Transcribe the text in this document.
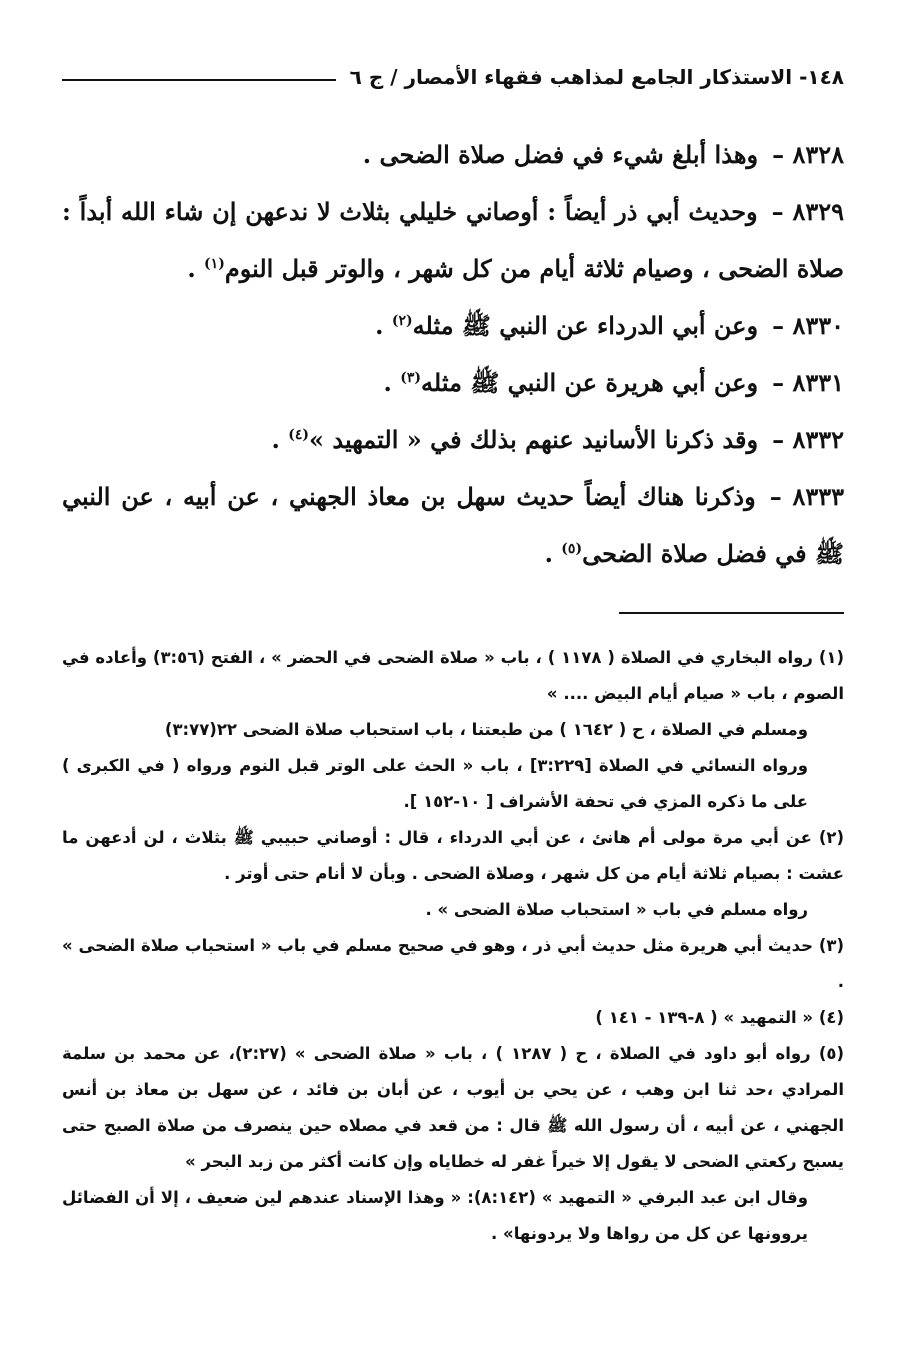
١٤٨- الاستذكار الجامع لمذاهب فقهاء الأمصار / ج ٦
٨٣٢٨ –وهذا أبلغ شيء في فضل صلاة الضحى .
٨٣٢٩ –وحديث أبي ذر أيضاً : أوصاني خليلي بثلاث لا ندعهن إن شاء الله أبداً : صلاة الضحى ، وصيام ثلاثة أيام من كل شهر ، والوتر قبل النوم$^{(١)}$ .
٨٣٣٠ –وعن أبي الدرداء عن النبي ﷺ مثله$^{(٢)}$ .
٨٣٣١ –وعن أبي هريرة عن النبي ﷺ مثله$^{(٣)}$ .
٨٣٣٢ –وقد ذكرنا الأسانيد عنهم بذلك في « التمهيد »$^{(٤)}$ .
٨٣٣٣ –وذكرنا هناك أيضاً حديث سهل بن معاذ الجهني ، عن أبيه ، عن النبي ﷺ في فضل صلاة الضحى$^{(٥)}$ .
(١) رواه البخاري في الصلاة ( ١١٧٨ ) ، باب « صلاة الضحى في الحضر » ، الفتح (٣:٥٦) وأعاده في الصوم ، باب « صيام أيام البيض .... »
ومسلم في الصلاة ، ح ( ١٦٤٢ ) من طبعتنا ، باب استحباب صلاة الضحى ٢٢(٣:٧٧)
ورواه النسائي في الصلاة [٣:٢٢٩] ، باب « الحث على الوتر قبل النوم ورواه ( في الكبرى ) على ما ذكره المزي في تحفة الأشراف [ ١٠-١٥٢ ].
(٢) عن أبي مرة مولى أم هانئ ، عن أبي الدرداء ، قال : أوصاني حبيبي ﷺ بثلاث ، لن أدعهن ما عشت : بصيام ثلاثة أيام من كل شهر ، وصلاة الضحى . وبأن لا أنام حتى أوتر .
رواه مسلم في باب « استحباب صلاة الضحى » .
(٣) حديث أبي هريرة مثل حديث أبي ذر ، وهو في صحيح مسلم في باب « استحباب صلاة الضحى » .
(٤) « التمهيد » ( ٨-١٣٩ - ١٤١ )
(٥) رواه أبو داود في الصلاة ، ح ( ١٢٨٧ ) ، باب « صلاة الضحى » (٢:٢٧)، عن محمد بن سلمة المرادي ،حد ثنا ابن وهب ، عن يحي بن أيوب ، عن أبان بن فائد ، عن سهل بن معاذ بن أنس الجهني ، عن أبيه ، أن رسول الله ﷺ قال : من قعد في مصلاه حين ينصرف من صلاة الصبح حتى يسبح ركعتي الضحى لا يقول إلا خيراً غفر له خطاياه وإن كانت أكثر من زبد البحر »
وقال ابن عبد البرفي « التمهيد » (٨:١٤٢): « وهذا الإسناد عندهم لين ضعيف ، إلا أن الفضائل يروونها عن كل من رواها ولا يردونها» .
